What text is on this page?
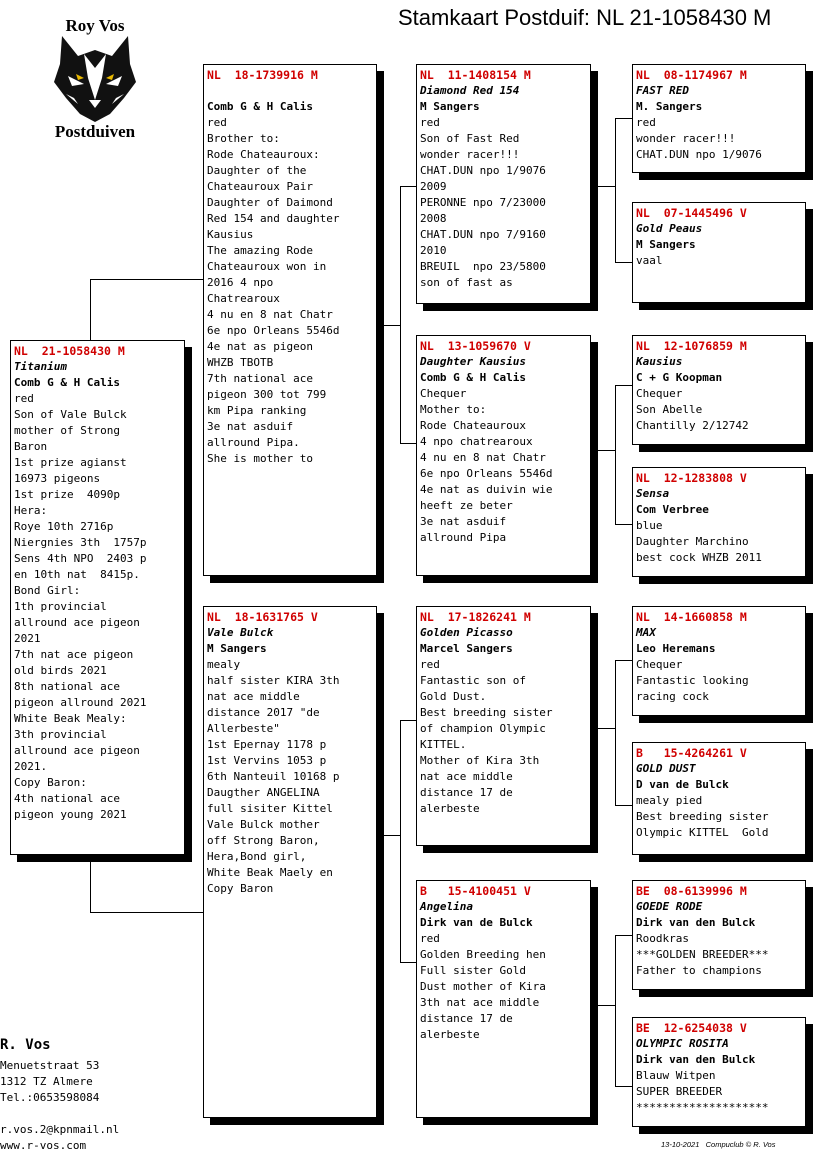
Stamkaart Postduif: NL 21-1058430 M
Roy Vos
Postduiven
NL  21-1058430 M
Titanium
Comb G & H Calis
red
Son of Vale Bulck
mother of Strong
Baron
1st prize agianst
16973 pigeons
1st prize  4090p
Hera:
Roye 10th 2716p
Niergnies 3th  1757p
Sens 4th NPO  2403 p
en 10th nat  8415p.
Bond Girl:
1th provincial
allround ace pigeon
2021
7th nat ace pigeon
old birds 2021
8th national ace
pigeon allround 2021
White Beak Mealy:
3th provincial
allround ace pigeon
2021.
Copy Baron:
4th national ace
pigeon young 2021
NL  18-1739916 M
Comb G & H Calis
red
Brother to:
Rode Chateauroux:
Daughter of the
Chateauroux Pair
Daughter of Daimond
Red 154 and daughter
Kausius
The amazing Rode
Chateauroux won in
2016 4 npo
Chatrearoux
4 nu en 8 nat Chatr
6e npo Orleans 5546d
4e nat as pigeon
WHZB TBOTB
7th national ace
pigeon 300 tot 799
km Pipa ranking
3e nat asduif
allround Pipa.
She is mother to
NL  18-1631765 V
Vale Bulck
M Sangers
mealy
half sister KIRA 3th
nat ace middle
distance 2017 "de
Allerbeste"
1st Epernay 1178 p
1st Vervins 1053 p
6th Nanteuil 10168 p
Daugther ANGELINA
full sisiter Kittel
Vale Bulck mother
off Strong Baron,
Hera,Bond girl,
White Beak Maely en
Copy Baron
NL  11-1408154 M
Diamond Red 154
M Sangers
red
Son of Fast Red
wonder racer!!!
CHAT.DUN npo 1/9076
2009
PERONNE npo 7/23000
2008
CHAT.DUN npo 7/9160
2010
BREUIL  npo 23/5800
son of fast as
NL  13-1059670 V
Daughter Kausius
Comb G & H Calis
Chequer
Mother to:
Rode Chateauroux
4 npo chatrearoux
4 nu en 8 nat Chatr
6e npo Orleans 5546d
4e nat as duivin wie
heeft ze beter
3e nat asduif
allround Pipa
NL  17-1826241 M
Golden Picasso
Marcel Sangers
red
Fantastic son of
Gold Dust.
Best breeding sister
of champion Olympic
KITTEL.
Mother of Kira 3th
nat ace middle
distance 17 de
alerbeste
B   15-4100451 V
Angelina
Dirk van de Bulck
red
Golden Breeding hen
Full sister Gold
Dust mother of Kira
3th nat ace middle
distance 17 de
alerbeste
NL  08-1174967 M
FAST RED
M. Sangers
red
wonder racer!!!
CHAT.DUN npo 1/9076
NL  07-1445496 V
Gold Peaus
M Sangers
vaal
NL  12-1076859 M
Kausius
C + G Koopman
Chequer
Son Abelle
Chantilly 2/12742
NL  12-1283808 V
Sensa
Com Verbree
blue
Daughter Marchino
best cock WHZB 2011
NL  14-1660858 M
MAX
Leo Heremans
Chequer
Fantastic looking
racing cock
B   15-4264261 V
GOLD DUST
D van de Bulck
mealy pied
Best breeding sister
Olympic KITTEL  Gold
BE  08-6139996 M
GOEDE RODE
Dirk van den Bulck
Roodkras
***GOLDEN BREEDER***
Father to champions
BE  12-6254038 V
OLYMPIC ROSITA
Dirk van den Bulck
Blauw Witpen
SUPER BREEDER
********************
R. Vos
Menuetstraat 53
1312 TZ Almere
Tel.:0653598084
r.vos.2@kpnmail.nl
www.r-vos.com	13-10-2021   Compuclub © R. Vos
